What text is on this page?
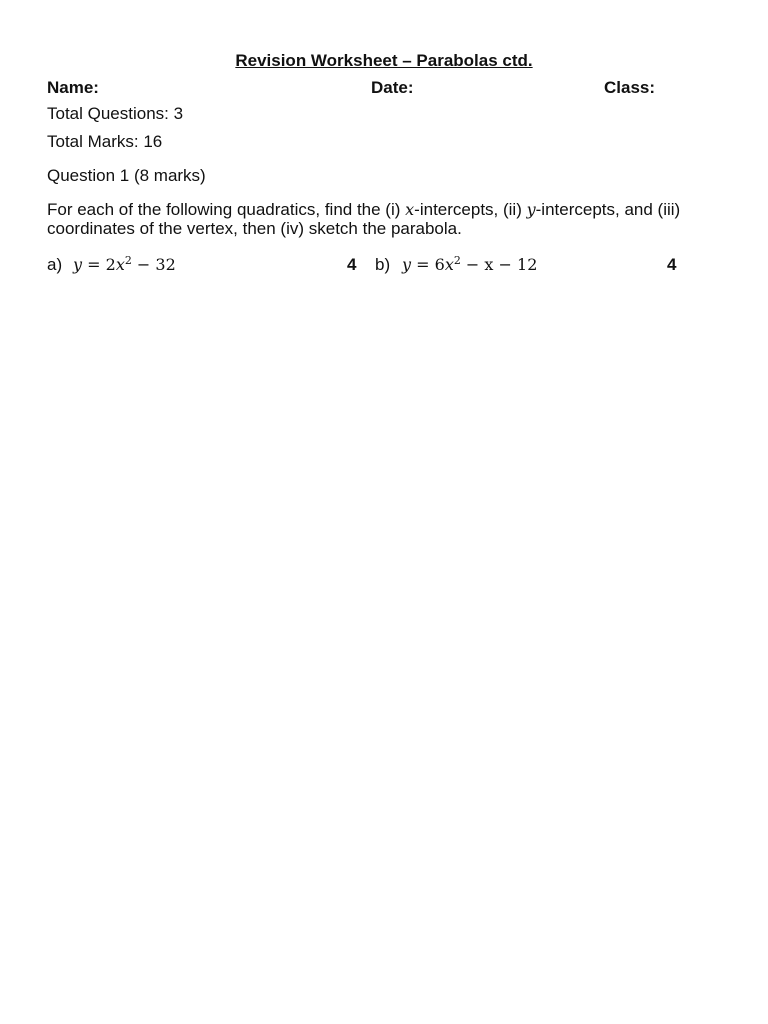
Revision Worksheet – Parabolas ctd.
Name:	Date:	Class:
Total Questions: 3
Total Marks: 16
Question 1 (8 marks)
For each of the following quadratics, find the (i) x-intercepts, (ii) y-intercepts, and (iii) coordinates of the vertex, then (iv) sketch the parabola.
a) $y = 2x^2 - 32$	4 b) $y = 6x^2 - x - 12$	4
